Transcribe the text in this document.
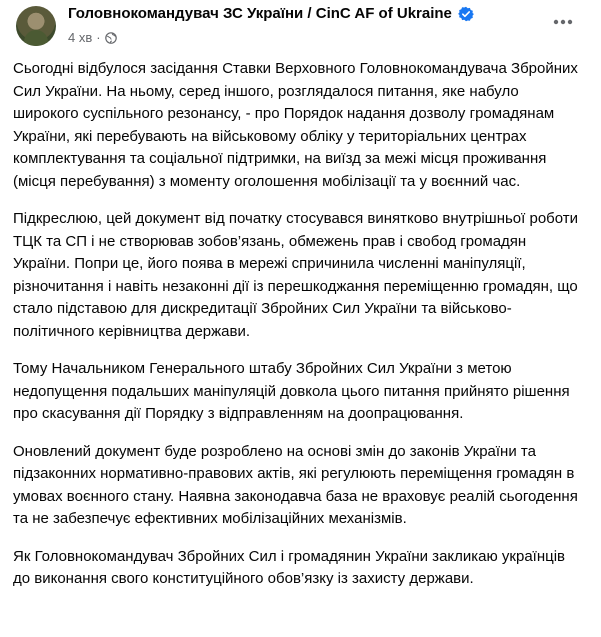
Головнокомандувач ЗС України / CinC AF of Ukraine
4 хв ·

Сьогодні відбулося засідання Ставки Верховного Головнокомандувача Збройних Сил України. На ньому, серед іншого, розглядалося питання, яке набуло широкого суспільного резонансу, - про Порядок надання дозволу громадянам України, які перебувають на військовому обліку у територіальних центрах комплектування та соціальної підтримки, на виїзд за межі місця проживання (місця перебування) з моменту оголошення мобілізації та у воєнний час.

Підкреслюю, цей документ від початку стосувався винятково внутрішньої роботи ТЦК та СП і не створював зобов’язань, обмежень прав і свобод громадян України. Попри це, його поява в мережі спричинила численні маніпуляції, різночитання і навіть незаконні дії із перешкоджання переміщенню громадян, що стало підставою для дискредитації Збройних Сил України та військово-політичного керівництва держави.

Тому Начальником Генерального штабу Збройних Сил України з метою недопущення подальших маніпуляцій довкола цього питання прийнято рішення про скасування дії Порядку з відправленням на доопрацювання.

Оновлений документ буде розроблено на основі змін до законів України та підзаконних нормативно-правових актів, які регулюють переміщення громадян в умовах воєнного стану. Наявна законодавча база не враховує реалій сьогодення та не забезпечує ефективних мобілізаційних механізмів.

Як Головнокомандувач Збройних Сил і громадянин України закликаю українців до виконання свого конституційного обов’язку із захисту держави.
